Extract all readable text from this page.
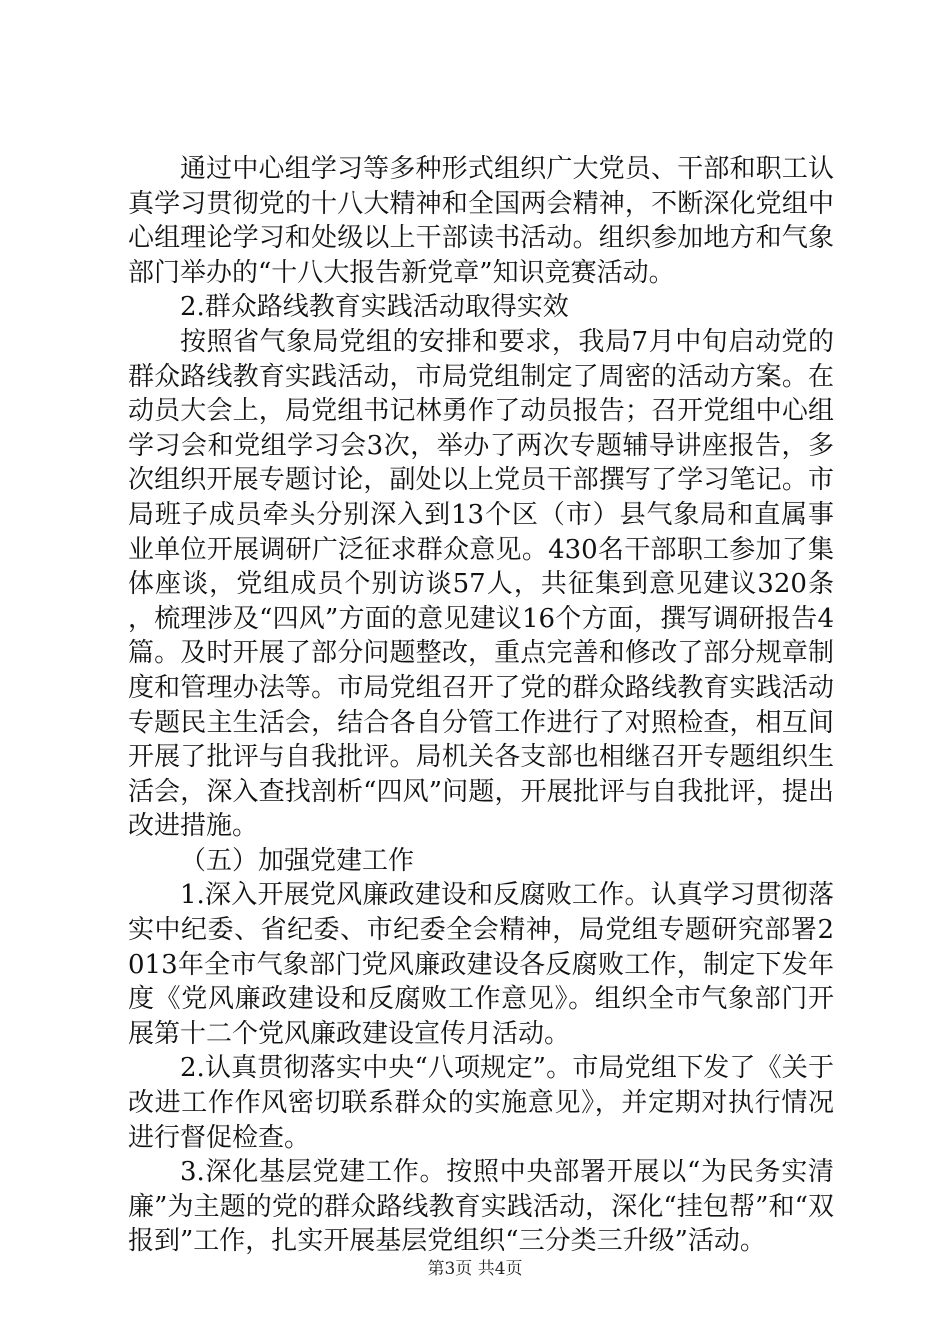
通过中心组学习等多种形式组织广大党员、干部和职工认真学习贯彻党的十八大精神和全国两会精神，不断深化党组中心组理论学习和处级以上干部读书活动。组织参加地方和气象部门举办的“十八大报告新党章”知识竞赛活动。

2.群众路线教育实践活动取得实效

按照省气象局党组的安排和要求，我局7月中旬启动党的群众路线教育实践活动，市局党组制定了周密的活动方案。在动员大会上，局党组书记林勇作了动员报告；召开党组中心组学习会和党组学习会3次，举办了两次专题辅导讲座报告，多次组织开展专题讨论，副处以上党员干部撰写了学习笔记。市局班子成员牵头分别深入到13个区（市）县气象局和直属事业单位开展调研广泛征求群众意见。430名干部职工参加了集体座谈，党组成员个别访谈57人，共征集到意见建议320条，梳理涉及“四风”方面的意见建议16个方面，撰写调研报告4篇。及时开展了部分问题整改，重点完善和修改了部分规章制度和管理办法等。市局党组召开了党的群众路线教育实践活动专题民主生活会，结合各自分管工作进行了对照检查，相互间开展了批评与自我批评。局机关各支部也相继召开专题组织生活会，深入查找剖析“四风”问题，开展批评与自我批评，提出改进措施。

（五）加强党建工作

1.深入开展党风廉政建设和反腐败工作。认真学习贯彻落实中纪委、省纪委、市纪委全会精神，局党组专题研究部署2013年全市气象部门党风廉政建设各反腐败工作，制定下发年度《党风廉政建设和反腐败工作意见》。组织全市气象部门开展第十二个党风廉政建设宣传月活动。

2.认真贯彻落实中央“八项规定”。市局党组下发了《关于改进工作作风密切联系群众的实施意见》，并定期对执行情况进行督促检查。

3.深化基层党建工作。按照中央部署开展以“为民务实清廉”为主题的党的群众路线教育实践活动，深化“挂包帮”和“双报到”工作，扎实开展基层党组织“三分类三升级”活动。

第3页 共4页
